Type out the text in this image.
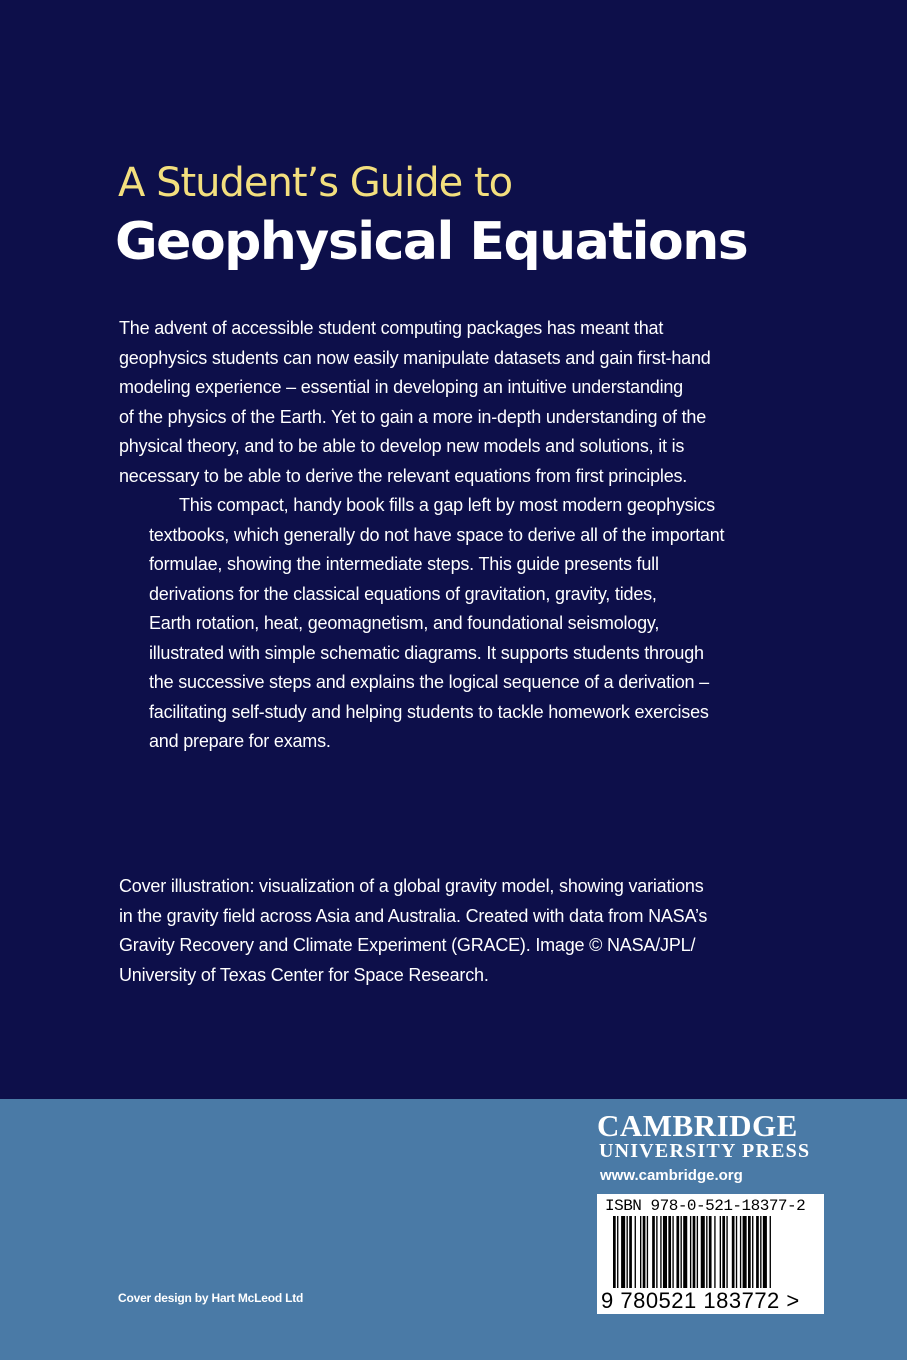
A Student’s Guide to
Geophysical Equations

The advent of accessible student computing packages has meant that
geophysics students can now easily manipulate datasets and gain first-hand
modeling experience – essential in developing an intuitive understanding
of the physics of the Earth. Yet to gain a more in-depth understanding of the
physical theory, and to be able to develop new models and solutions, it is
necessary to be able to derive the relevant equations from first principles.

This compact, handy book fills a gap left by most modern geophysics
textbooks, which generally do not have space to derive all of the important
formulae, showing the intermediate steps. This guide presents full
derivations for the classical equations of gravitation, gravity, tides,
Earth rotation, heat, geomagnetism, and foundational seismology,
illustrated with simple schematic diagrams. It supports students through
the successive steps and explains the logical sequence of a derivation –
facilitating self-study and helping students to tackle homework exercises
and prepare for exams.

Cover illustration: visualization of a global gravity model, showing variations
in the gravity field across Asia and Australia. Created with data from NASA’s
Gravity Recovery and Climate Experiment (GRACE). Image © NASA/JPL/
University of Texas Center for Space Research.
Cover design by Hart McLeod Ltd
CAMBRIDGE
UNIVERSITY PRESS
www.cambridge.org
ISBN 978-0-521-18377-2
9 780521 183772 >
